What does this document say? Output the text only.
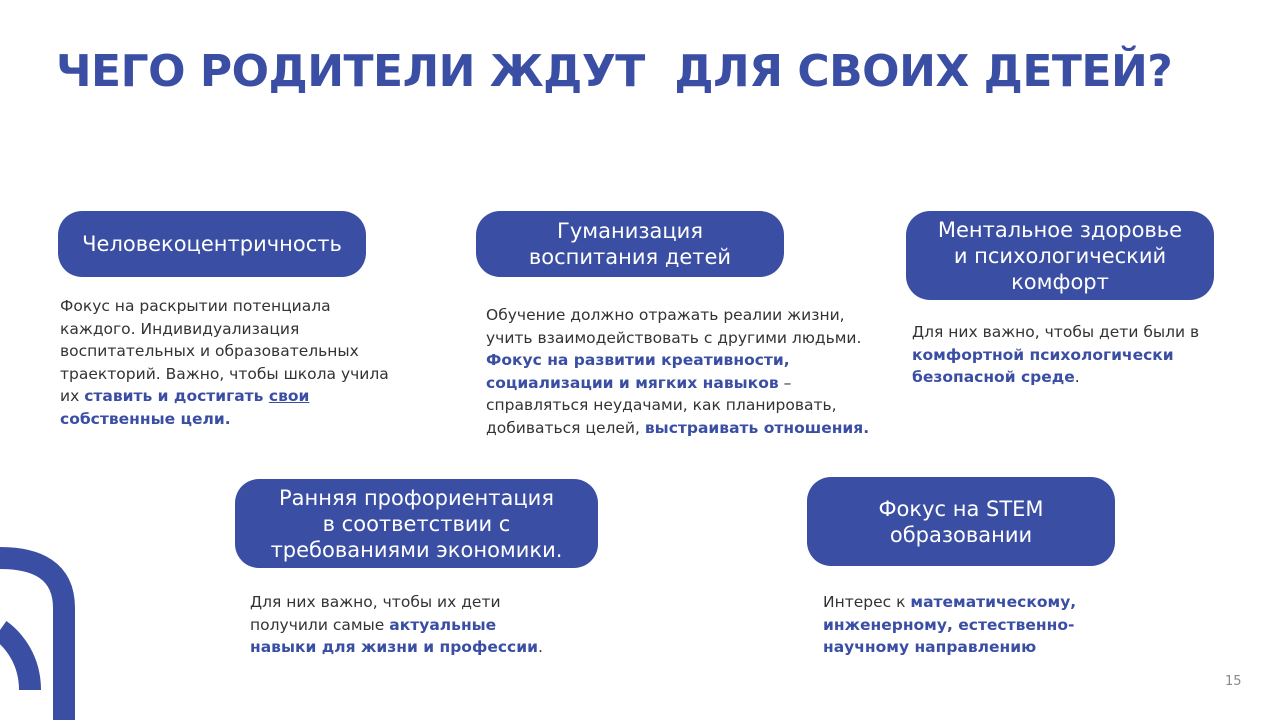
ЧЕГО РОДИТЕЛИ ЖДУТ  ДЛЯ СВОИХ ДЕТЕЙ?
Человекоцентричность

Фокус на раскрытии потенциала каждого. Индивидуализация воспитательных и образовательных траекторий. Важно, чтобы школа учила их ставить и достигать свои собственные цели.

Гуманизация
воспитания детей

Обучение должно отражать реалии жизни, учить взаимодействовать с другими людьми. Фокус на развитии креативности, социализации и мягких навыков – справляться неудачами, как планировать, добиваться целей, выстраивать отношения.

Ментальное здоровье
и психологический
комфорт

Для них важно, чтобы дети были в комфортной психологически безопасной среде.

Ранняя профориентация
в соответствии с
требованиями экономики.

Для них важно, чтобы их дети получили самые актуальные навыки для жизни и профессии.

Фокус на STEM
образовании

Интерес к математическому, инженерному, естественно-научному направлению

15
